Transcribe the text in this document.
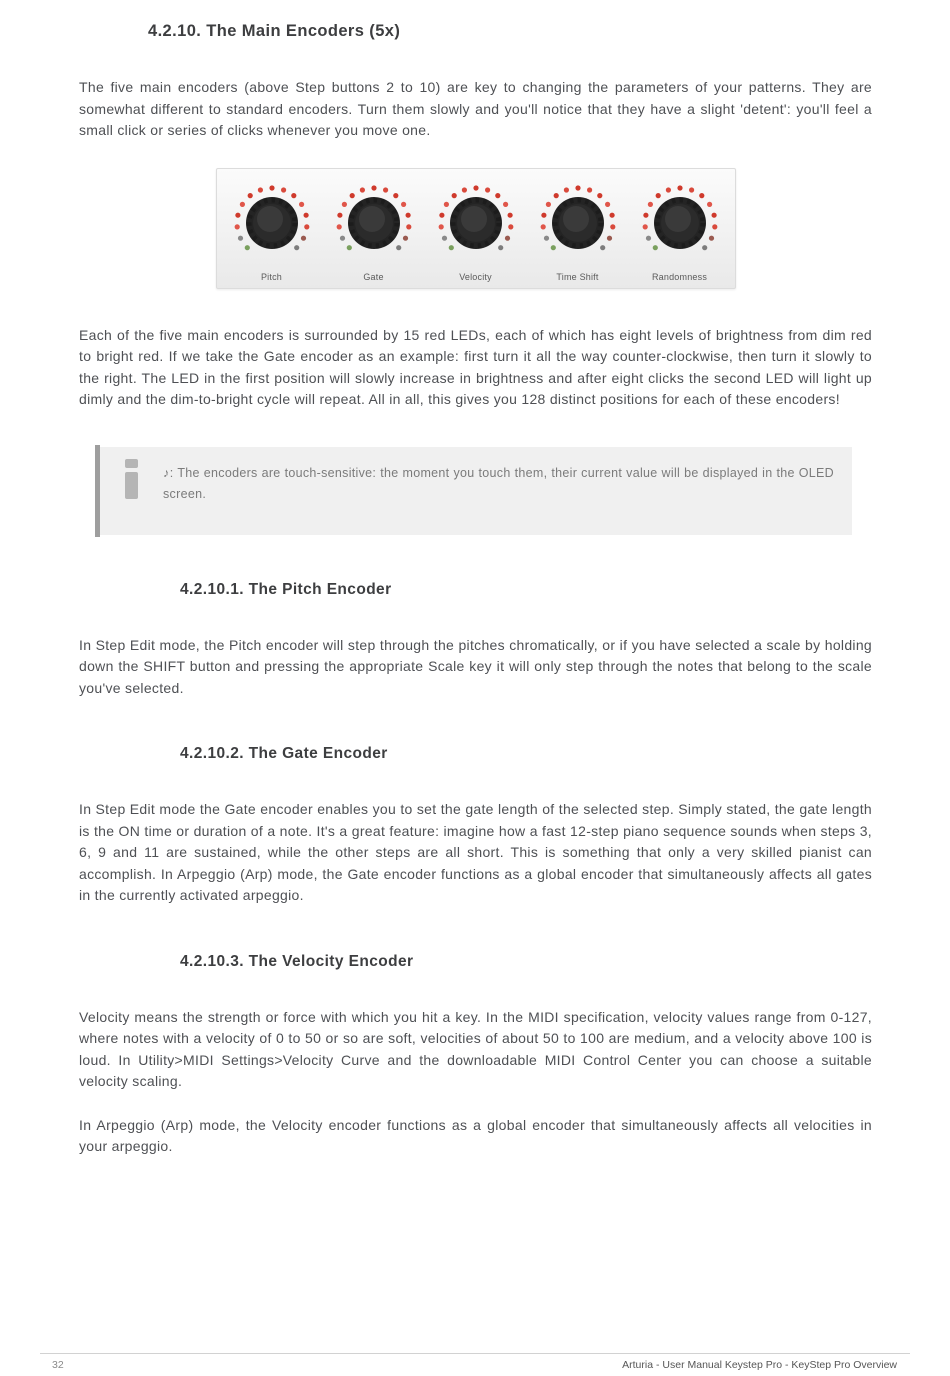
4.2.10. The Main Encoders (5x)

The five main encoders (above Step buttons 2 to 10) are key to changing the parameters of your patterns. They are somewhat different to standard encoders. Turn them slowly and you'll notice that they have a slight 'detent': you'll feel a small click or series of clicks whenever you move one.

Pitch	Gate	Velocity	Time Shift	Randomness

Each of the five main encoders is surrounded by 15 red LEDs, each of which has eight levels of brightness from dim red to bright red. If we take the Gate encoder as an example: first turn it all the way counter-clockwise, then turn it slowly to the right. The LED in the first position will slowly increase in brightness and after eight clicks the second LED will light up dimly and the dim-to-bright cycle will repeat. All in all, this gives you 128 distinct positions for each of these encoders!

♪: The encoders are touch-sensitive: the moment you touch them, their current value will be displayed in the OLED screen.

4.2.10.1. The Pitch Encoder

In Step Edit mode, the Pitch encoder will step through the pitches chromatically, or if you have selected a scale by holding down the SHIFT button and pressing the appropriate Scale key it will only step through the notes that belong to the scale you've selected.

4.2.10.2. The Gate Encoder

In Step Edit mode the Gate encoder enables you to set the gate length of the selected step. Simply stated, the gate length is the ON time or duration of a note. It's a great feature: imagine how a fast 12-step piano sequence sounds when steps 3, 6, 9 and 11 are sustained, while the other steps are all short. This is something that only a very skilled pianist can accomplish. In Arpeggio (Arp) mode, the Gate encoder functions as a global encoder that simultaneously affects all gates in the currently activated arpeggio.

4.2.10.3. The Velocity Encoder

Velocity means the strength or force with which you hit a key. In the MIDI specification, velocity values range from 0-127, where notes with a velocity of 0 to 50 or so are soft, velocities of about 50 to 100 are medium, and a velocity above 100 is loud. In Utility>MIDI Settings>Velocity Curve and the downloadable MIDI Control Center you can choose a suitable velocity scaling.

In Arpeggio (Arp) mode, the Velocity encoder functions as a global encoder that simultaneously affects all velocities in your arpeggio.

32	Arturia - User Manual Keystep Pro - KeyStep Pro Overview
